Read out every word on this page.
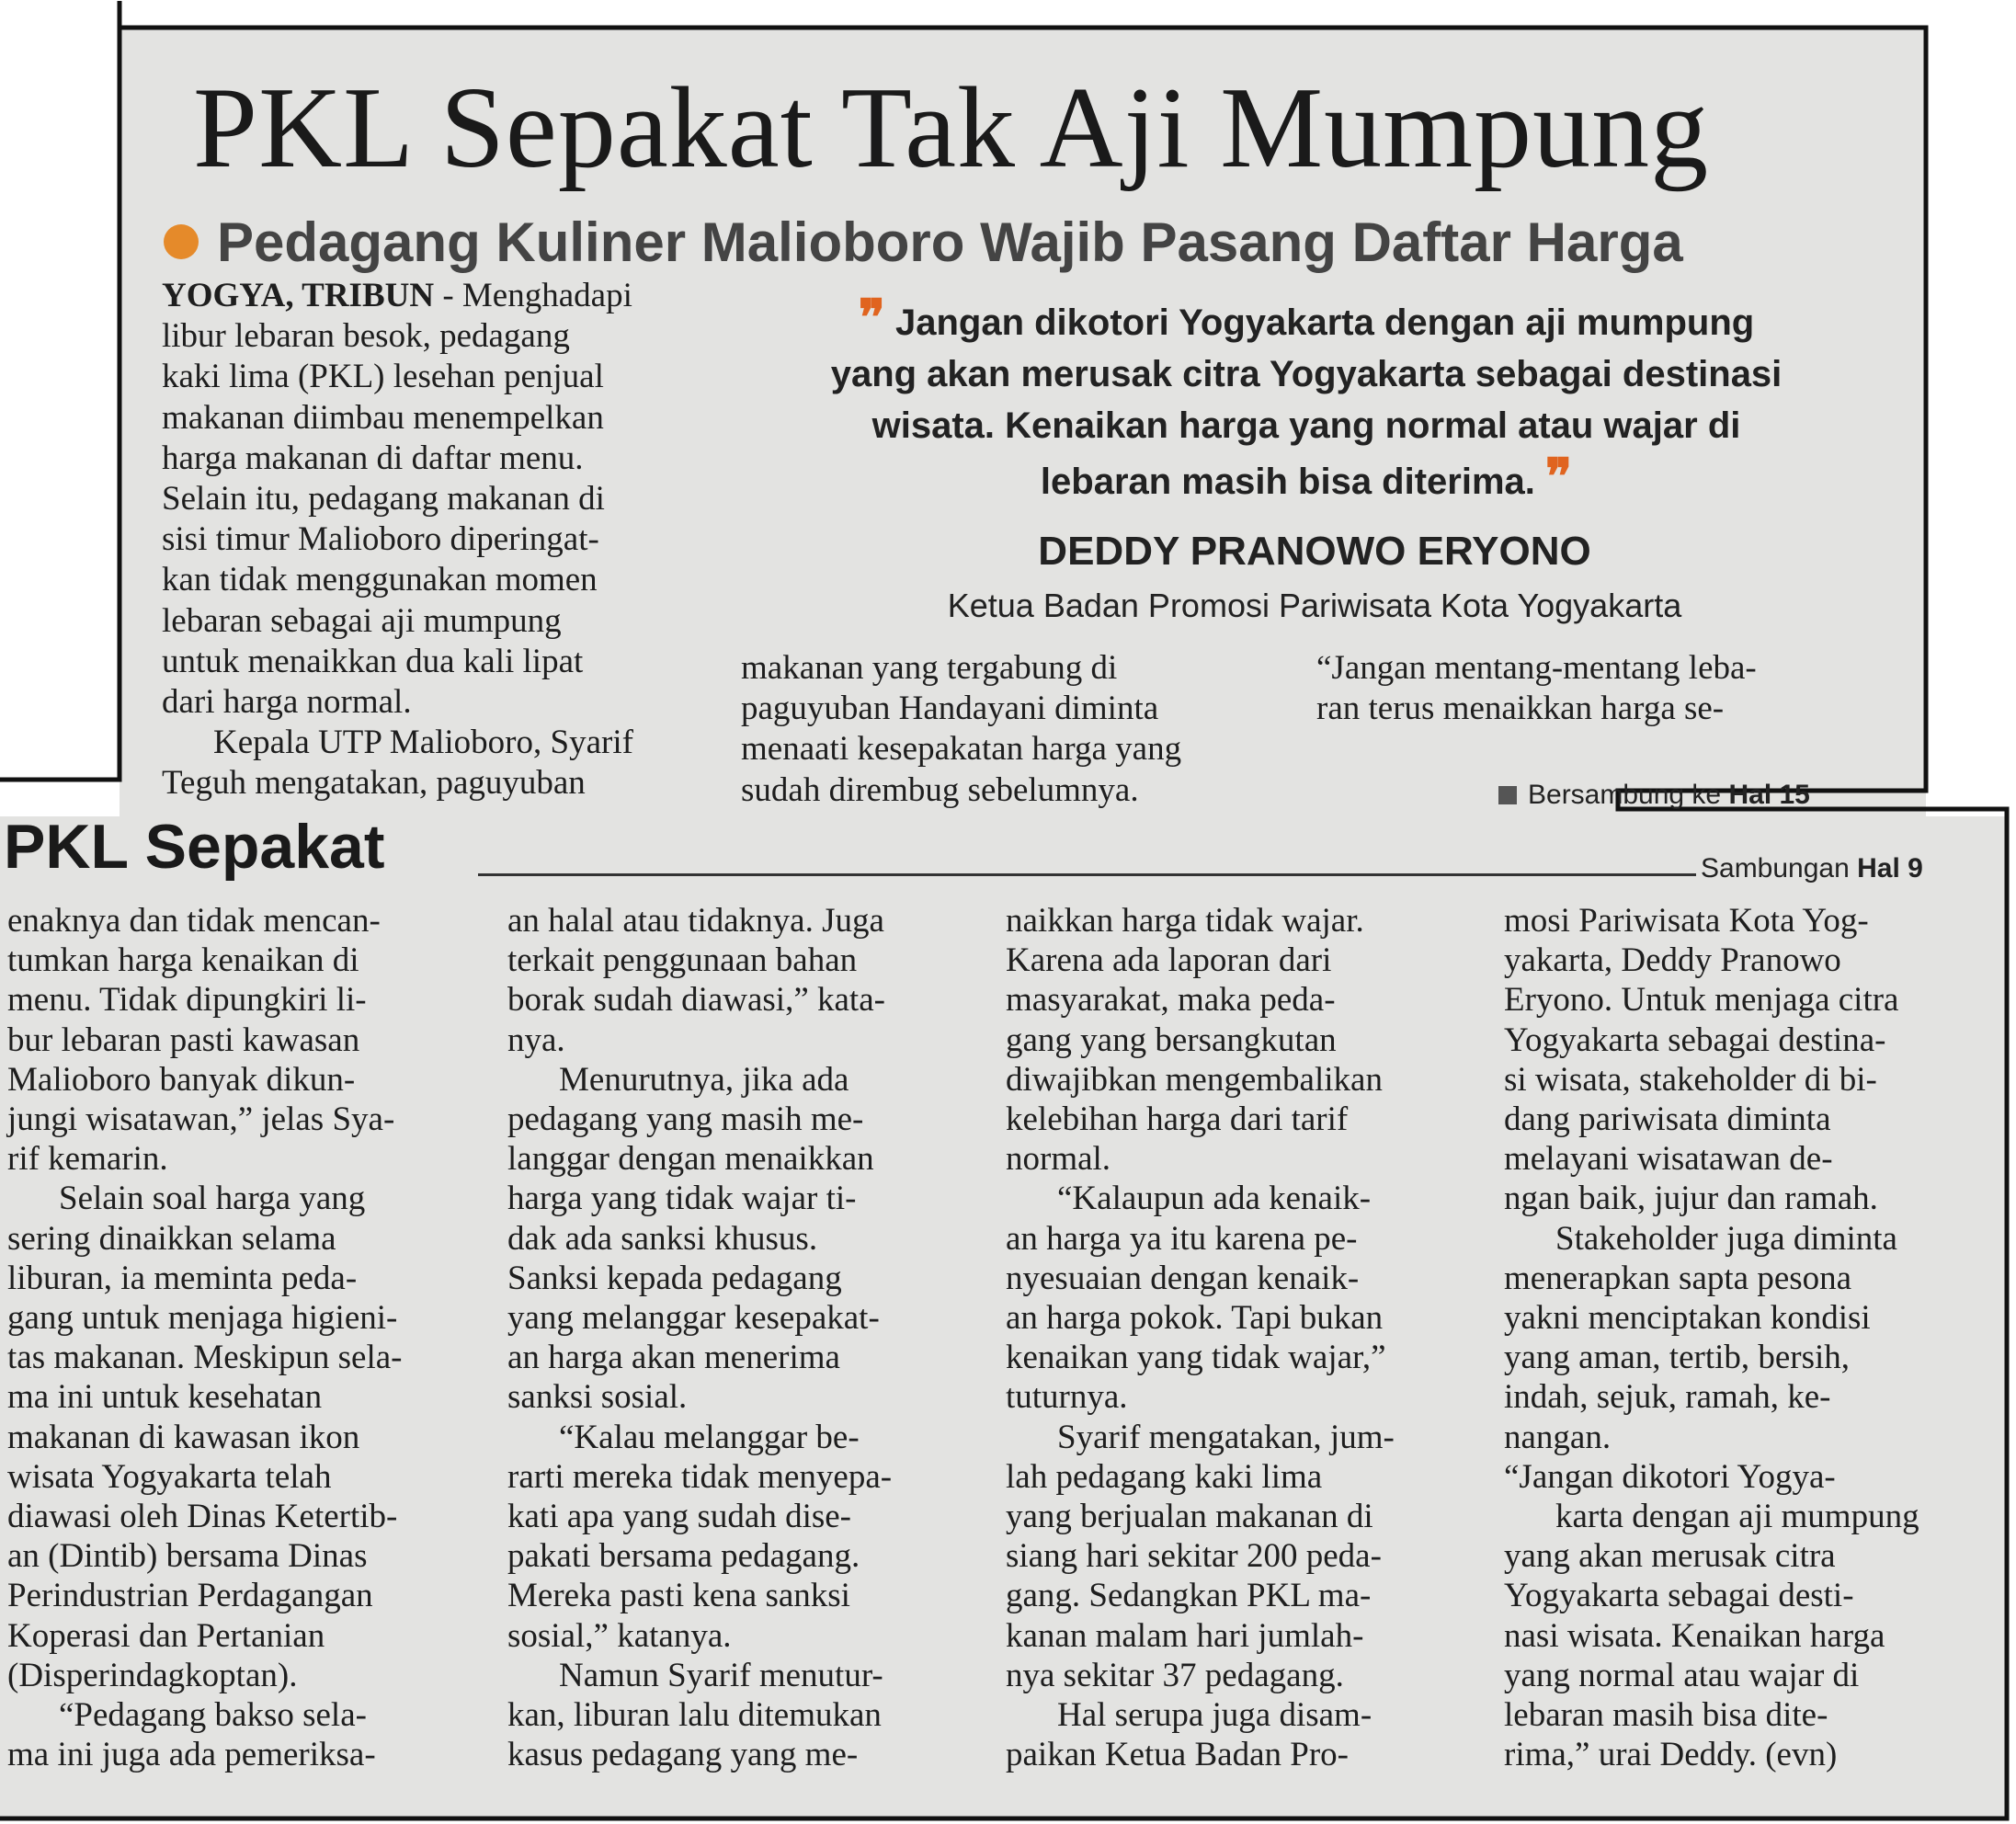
PKL Sepakat Tak Aji Mumpung
Pedagang Kuliner Malioboro Wajib Pasang Daftar Harga
YOGYA, TRIBUN - Menghadapi
libur lebaran besok, pedagang
kaki lima (PKL) lesehan penjual
makanan diimbau menempelkan
harga makanan di daftar menu.
Selain itu, pedagang makanan di
sisi timur Malioboro diperingat-
kan tidak menggunakan momen
lebaran sebagai aji mumpung
untuk menaikkan dua kali lipat
dari harga normal.
Kepala UTP Malioboro, Syarif
Teguh mengatakan, paguyuban
❞ Jangan dikotori Yogyakarta dengan aji mumpung
yang akan merusak citra Yogyakarta sebagai destinasi
wisata. Kenaikan harga yang normal atau wajar di
lebaran masih bisa diterima. ❞
DEDDY PRANOWO ERYONO
Ketua Badan Promosi Pariwisata Kota Yogyakarta
makanan yang tergabung di
paguyuban Handayani diminta
menaati kesepakatan harga yang
sudah dirembug sebelumnya.
“Jangan mentang-mentang leba-
ran terus menaikkan harga se-
Bersambung ke
Hal 15
PKL Sepakat	Sambungan Hal 9
enaknya dan tidak mencan-
tumkan harga kenaikan di
menu. Tidak dipungkiri li-
bur lebaran pasti kawasan
Malioboro banyak dikun-
jungi wisatawan,” jelas Sya-
rif kemarin.
Selain soal harga yang
sering dinaikkan selama
liburan, ia meminta peda-
gang untuk menjaga higieni-
tas makanan. Meskipun sela-
ma ini untuk kesehatan
makanan di kawasan ikon
wisata Yogyakarta telah
diawasi oleh Dinas Ketertib-
an (Dintib) bersama Dinas
Perindustrian Perdagangan
Koperasi dan Pertanian
(Disperindagkoptan).
“Pedagang bakso sela-
ma ini juga ada pemeriksa-
an halal atau tidaknya. Juga
terkait penggunaan bahan
borak sudah diawasi,” kata-
nya.
Menurutnya, jika ada
pedagang yang masih me-
langgar dengan menaikkan
harga yang tidak wajar ti-
dak ada sanksi khusus.
Sanksi kepada pedagang
yang melanggar kesepakat-
an harga akan menerima
sanksi sosial.
“Kalau melanggar be-
rarti mereka tidak menyepa-
kati apa yang sudah dise-
pakati bersama pedagang.
Mereka pasti kena sanksi
sosial,” katanya.
Namun Syarif menutur-
kan, liburan lalu ditemukan
kasus pedagang yang me-
naikkan harga tidak wajar.
Karena ada laporan dari
masyarakat, maka peda-
gang yang bersangkutan
diwajibkan mengembalikan
kelebihan harga dari tarif
normal.
“Kalaupun ada kenaik-
an harga ya itu karena pe-
nyesuaian dengan kenaik-
an harga pokok. Tapi bukan
kenaikan yang tidak wajar,”
tuturnya.
Syarif mengatakan, jum-
lah pedagang kaki lima
yang berjualan makanan di
siang hari sekitar 200 peda-
gang. Sedangkan PKL ma-
kanan malam hari jumlah-
nya sekitar 37 pedagang.
Hal serupa juga disam-
paikan Ketua Badan Pro-
mosi Pariwisata Kota Yog-
yakarta, Deddy Pranowo
Eryono. Untuk menjaga citra
Yogyakarta sebagai destina-
si wisata, stakeholder di bi-
dang pariwisata diminta
melayani wisatawan de-
ngan baik, jujur dan ramah.
Stakeholder juga diminta
menerapkan sapta pesona
yakni menciptakan kondisi
yang aman, tertib, bersih,
indah, sejuk, ramah, ke-
nangan.
“Jangan dikotori Yogya-
karta dengan aji mumpung
yang akan merusak citra
Yogyakarta sebagai desti-
nasi wisata. Kenaikan harga
yang normal atau wajar di
lebaran masih bisa dite-
rima,” urai Deddy. (evn)
